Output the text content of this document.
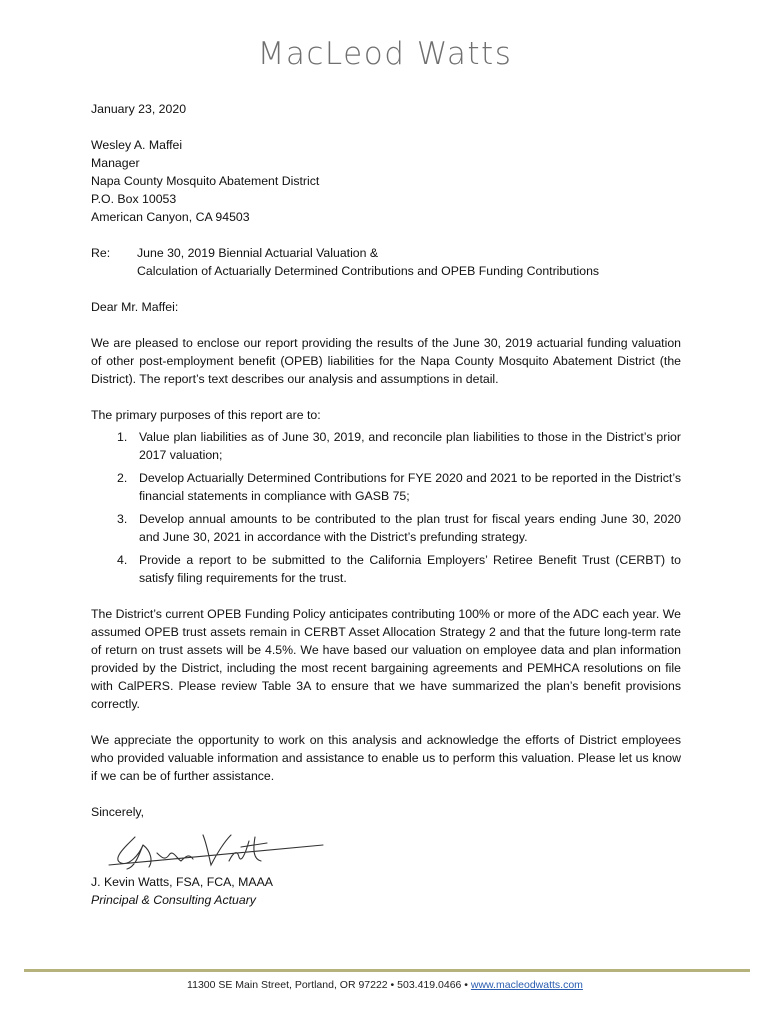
MacLeod Watts

January 23, 2020

Wesley A. Maffei

Manager

Napa County Mosquito Abatement District

P.O. Box 10053

American Canyon, CA 94503

Re:	June 30, 2019 Biennial Actuarial Valuation &

Calculation of Actuarially Determined Contributions and OPEB Funding Contributions

Dear Mr. Maffei:

We are pleased to enclose our report providing the results of the June 30, 2019 actuarial funding valuation of other post-employment benefit (OPEB) liabilities for the Napa County Mosquito Abatement District (the District). The report’s text describes our analysis and assumptions in detail.

The primary purposes of this report are to:

1. Value plan liabilities as of June 30, 2019, and reconcile plan liabilities to those in the District’s prior 2017 valuation;
2. Develop Actuarially Determined Contributions for FYE 2020 and 2021 to be reported in the District’s financial statements in compliance with GASB 75;
3. Develop annual amounts to be contributed to the plan trust for fiscal years ending June 30, 2020 and June 30, 2021 in accordance with the District’s prefunding strategy.
4. Provide a report to be submitted to the California Employers’ Retiree Benefit Trust (CERBT) to satisfy filing requirements for the trust.

The District’s current OPEB Funding Policy anticipates contributing 100% or more of the ADC each year. We assumed OPEB trust assets remain in CERBT Asset Allocation Strategy 2 and that the future long-term rate of return on trust assets will be 4.5%. We have based our valuation on employee data and plan information provided by the District, including the most recent bargaining agreements and PEMHCA resolutions on file with CalPERS. Please review Table 3A to ensure that we have summarized the plan’s benefit provisions correctly.

We appreciate the opportunity to work on this analysis and acknowledge the efforts of District employees who provided valuable information and assistance to enable us to perform this valuation. Please let us know if we can be of further assistance.

Sincerely,

J. Kevin Watts, FSA, FCA, MAAA

Principal & Consulting Actuary

11300 SE Main Street, Portland, OR 97222 • 503.419.0466 • www.macleodwatts.com
